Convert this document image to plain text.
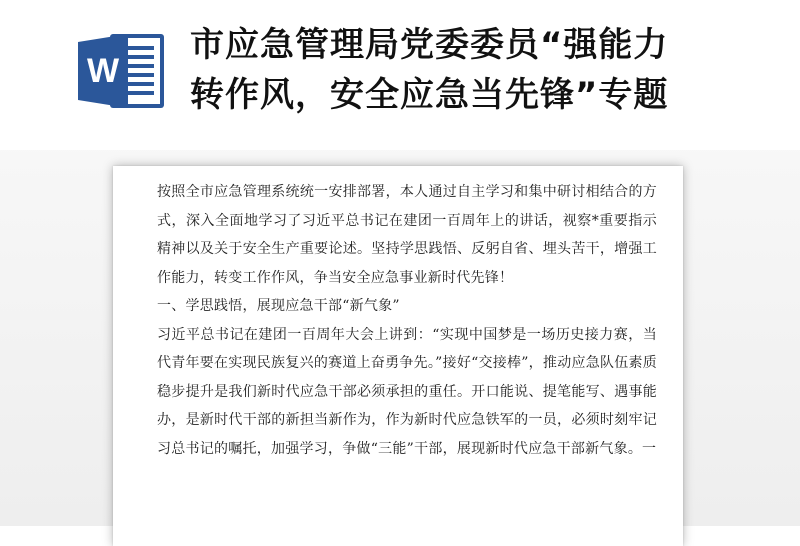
W
市应急管理局党委委员“强能力
转作风，安全应急当先锋”专题

按照全市应急管理系统统一安排部署，本人通过自主学习和集中研讨相结合的方式，深入全面地学习了习近平总书记在建团一百周年上的讲话，视察*重要指示精神以及关于安全生产重要论述。坚持学思践悟、反躬自省、埋头苦干，增强工作能力，转变工作作风，争当安全应急事业新时代先锋！

一、学思践悟，展现应急干部“新气象”

习近平总书记在建团一百周年大会上讲到：“实现中国梦是一场历史接力赛，当代青年要在实现民族复兴的赛道上奋勇争先。”接好“交接棒”，推动应急队伍素质稳步提升是我们新时代应急干部必须承担的重任。开口能说、提笔能写、遇事能办，是新时代干部的新担当新作为，作为新时代应急铁军的一员，必须时刻牢记习总书记的嘱托，加强学习，争做“三能”干部，展现新时代应急干部新气象。一
